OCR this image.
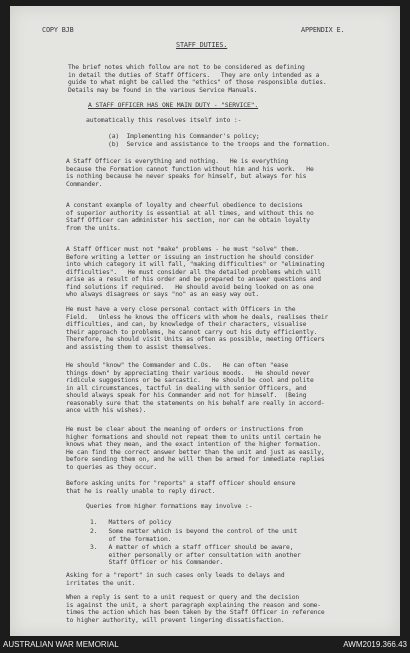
COPY BJB	APPENDIX E.
STAFF DUTIES.
The brief notes which follow are not to be considered as defining
in detail the duties of Staff Officers.   They are only intended as a
guide to what might be called the "ethics" of those responsible duties.
Details may be found in the various Service Manuals.
A STAFF OFFICER HAS ONE MAIN DUTY - "SERVICE".
automatically this resolves itself into :-
(a)  Implementing his Commander's policy;
(b)  Service and assistance to the troops and the formation.
A Staff Officer is everything and nothing.   He is everything
because the Formation cannot function without him and his work.   He
is nothing because he never speaks for himself, but always for his
Commander.
A constant example of loyalty and cheerful obedience to decisions
of superior authority is essential at all times, and without this no
Staff Officer can administer his section, nor can he obtain loyalty
from the units.
A Staff Officer must not "make" problems - he must "solve" them.
Before writing a letter or issuing an instruction he should consider
into which category it will fall, "making difficulties" or "eliminating
difficulties".   He must consider all the detailed problems which will
arise as a result of his order and be prepared to answer questions and
find solutions if required.   He should avoid being looked on as one
who always disagrees or says "no" as an easy way out.
He must have a very close personal contact with Officers in the
Field.   Unless he knows the officers with whom he deals, realises their
difficulties, and can, by knowledge of their characters, visualise
their approach to problems, he cannot carry out his duty efficiently.
Therefore, he should visit Units as often as possible, meeting Officers
and assisting them to assist themselves.
He should "know" the Commander and C.Os.   He can often "ease
things down" by appreciating their various moods.   He should never
ridicule suggestions or be sarcastic.   He should be cool and polite
in all circumstances, tactful in dealing with senior Officers, and
should always speak for his Commander and not for himself.  (Being
reasonably sure that the statements on his behalf are really in accord-
ance with his wishes).
He must be clear about the meaning of orders or instructions from
higher formations and should not repeat them to units until certain he
knows what they mean, and the exact intention of the higher formation.
He can find the correct answer better than the unit and just as easily,
before sending them on, and he will then be armed for immediate replies
to queries as they occur.
Before asking units for "reports" a staff officer should ensure
that he is really unable to reply direct.
Queries from higher formations may involve :-
1.   Matters of policy
2.   Some matter which is beyond the control of the unit
of the formation.
3.   A matter of which a staff officer should be aware,
either personally or after consultation with another
Staff Officer or his Commander.
Asking for a "report" in such cases only leads to delays and
irritates the unit.
When a reply is sent to a unit request or query and the decision
is against the unit, a short paragraph explaining the reason and some-
times the action which has been taken by the Staff Officer in reference
to higher authority, will prevent lingering dissatisfaction.
AUSTRALIAN WAR MEMORIAL	AWM2019.366.43
